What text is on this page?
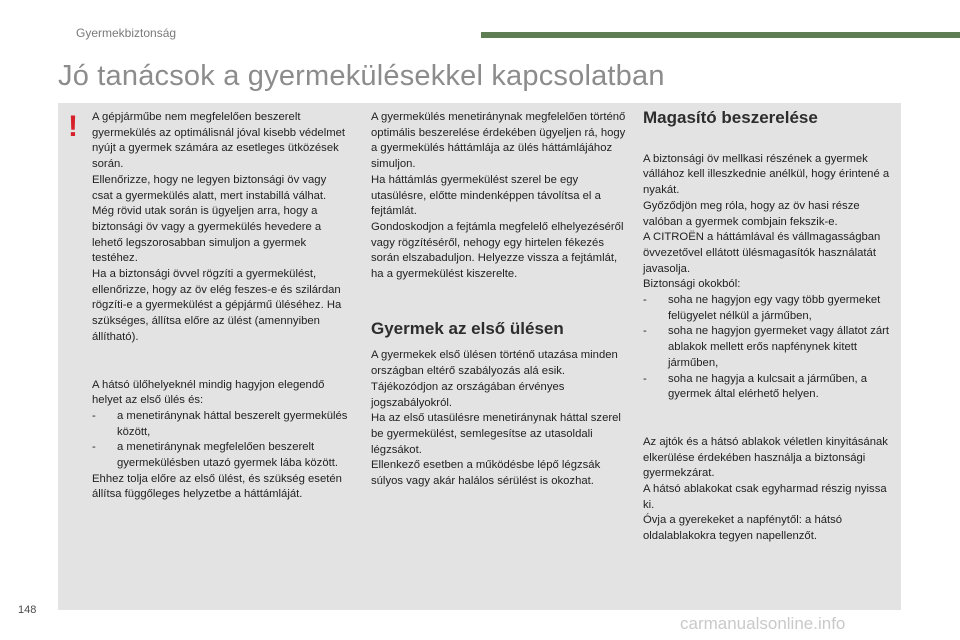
Gyermekbiztonság
Jó tanácsok a gyermekülésekkel kapcsolatban
! A gépjárműbe nem megfelelően beszerelt gyermekülés az optimálisnál jóval kisebb védelmet nyújt a gyermek számára az esetleges ütközések során.

Ellenőrizze, hogy ne legyen biztonsági öv vagy csat a gyermekülés alatt, mert instabillá válhat.

Még rövid utak során is ügyeljen arra, hogy a biztonsági öv vagy a gyermekülés hevedere a lehető legszorosabban simuljon a gyermek testéhez.

Ha a biztonsági övvel rögzíti a gyermekülést, ellenőrizze, hogy az öv elég feszes-e és szilárdan rögzíti-e a gyermekülést a gépjármű üléséhez. Ha szükséges, állítsa előre az ülést (amennyiben állítható).

A hátsó ülőhelyeknél mindig hagyjon elegendő helyet az első ülés és:

- a menetiránynak háttal beszerelt gyermekülés között,

- a menetiránynak megfelelően beszerelt gyermekülésben utazó gyermek lába között.

Ehhez tolja előre az első ülést, és szükség esetén állítsa függőleges helyzetbe a háttámláját.

A gyermekülés menetiránynak megfelelően történő optimális beszerelése érdekében ügyeljen rá, hogy a gyermekülés háttámlája az ülés háttámlájához simuljon.

Ha háttámlás gyermekülést szerel be egy utasülésre, előtte mindenképpen távolítsa el a fejtámlát.

Gondoskodjon a fejtámla megfelelő elhelyezéséről vagy rögzítéséről, nehogy egy hirtelen fékezés során elszabaduljon. Helyezze vissza a fejtámlát, ha a gyermekülést kiszerelte.

Gyermek az első ülésen

A gyermekek első ülésen történő utazása minden országban eltérő szabályozás alá esik. Tájékozódjon az országában érvényes jogszabályokról.

Ha az első utasülésre menetiránynak háttal szerel be gyermekülést, semlegesítse az utasoldali légzsákot.

Ellenkező esetben a működésbe lépő légzsák súlyos vagy akár halálos sérülést is okozhat.

Magasító beszerelése

A biztonsági öv mellkasi részének a gyermek vállához kell illeszkednie anélkül, hogy érintené a nyakát.

Győződjön meg róla, hogy az öv hasi része valóban a gyermek combjain fekszik-e.

A CITROËN a háttámlával és vállmagasságban övvezetővel ellátott ülésmagasítók használatát javasolja.

Biztonsági okokból:

- soha ne hagyjon egy vagy több gyermeket felügyelet nélkül a járműben,

- soha ne hagyjon gyermeket vagy állatot zárt ablakok mellett erős napfénynek kitett járműben,

- soha ne hagyja a kulcsait a járműben, a gyermek által elérhető helyen.

Az ajtók és a hátsó ablakok véletlen kinyitásának elkerülése érdekében használja a biztonsági gyermekzárat.

A hátsó ablakokat csak egyharmad részig nyissa ki.

Óvja a gyerekeket a napfénytől: a hátsó oldalablakokra tegyen napellenzőt.

148
carmanualsonline.info
